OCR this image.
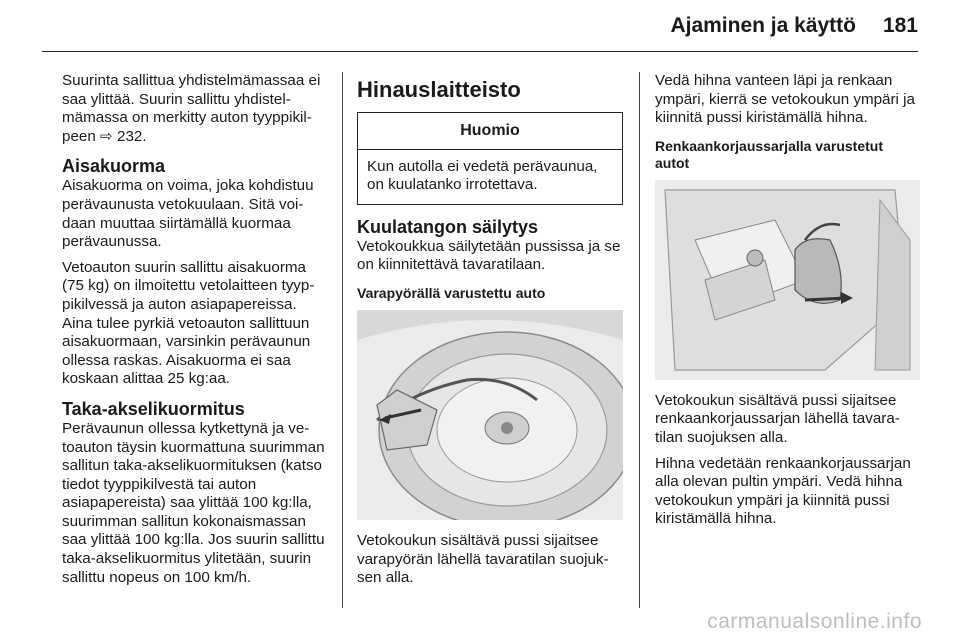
Ajaminen ja käyttö 181

Suurinta sallittua yhdistelmämassaa ei saa ylittää. Suurin sallittu yhdistelmämassa on merkitty auton tyyppikilpeen ⇨ 232.

Aisakuorma

Aisakuorma on voima, joka kohdistuu perävaunusta vetokuulaan. Sitä voidaan muuttaa siirtämällä kuormaa perävaunussa.

Vetoauton suurin sallittu aisakuorma (75 kg) on ilmoitettu vetolaitteen tyyppikilvessä ja auton asiapapereissa. Aina tulee pyrkiä vetoauton sallittuun aisakuormaan, varsinkin perävaunun ollessa raskas. Aisakuorma ei saa koskaan alittaa 25 kg:aa.

Taka-akselikuormitus

Perävaunun ollessa kytkettynä ja vetoauton täysin kuormattuna suurimman sallitun taka-akselikuormituksen (katso tiedot tyyppikilvestä tai auton asiapapereista) saa ylittää 100 kg:lla, suurimman sallitun kokonaismassan saa ylittää 100 kg:lla. Jos suurin sallittu taka-akselikuormitus ylitetään, suurin sallittu nopeus on 100 km/h.

Hinauslaitteisto
Huomio
Kun autolla ei vedetä perävaunua, on kuulatanko irrotettava.
Kuulatangon säilytys

Vetokoukkua säilytetään pussissa ja se on kiinnitettävä tavaratilaan.

Varapyörällä varustettu auto

Vetokoukun sisältävä pussi sijaitsee varapyörän lähellä tavaratilan suojuksen alla.

Vedä hihna vanteen läpi ja renkaan ympäri, kierrä se vetokoukun ympäri ja kiinnitä pussi kiristämällä hihna.

Renkaankorjaussarjalla varustetut autot

Vetokoukun sisältävä pussi sijaitsee renkaankorjaussarjan lähellä tavaratilan suojuksen alla.

Hihna vedetään renkaankorjaussarjan alla olevan pultin ympäri. Vedä hihna vetokoukun ympäri ja kiinnitä pussi kiristämällä hihna.

carmanualsonline.info
